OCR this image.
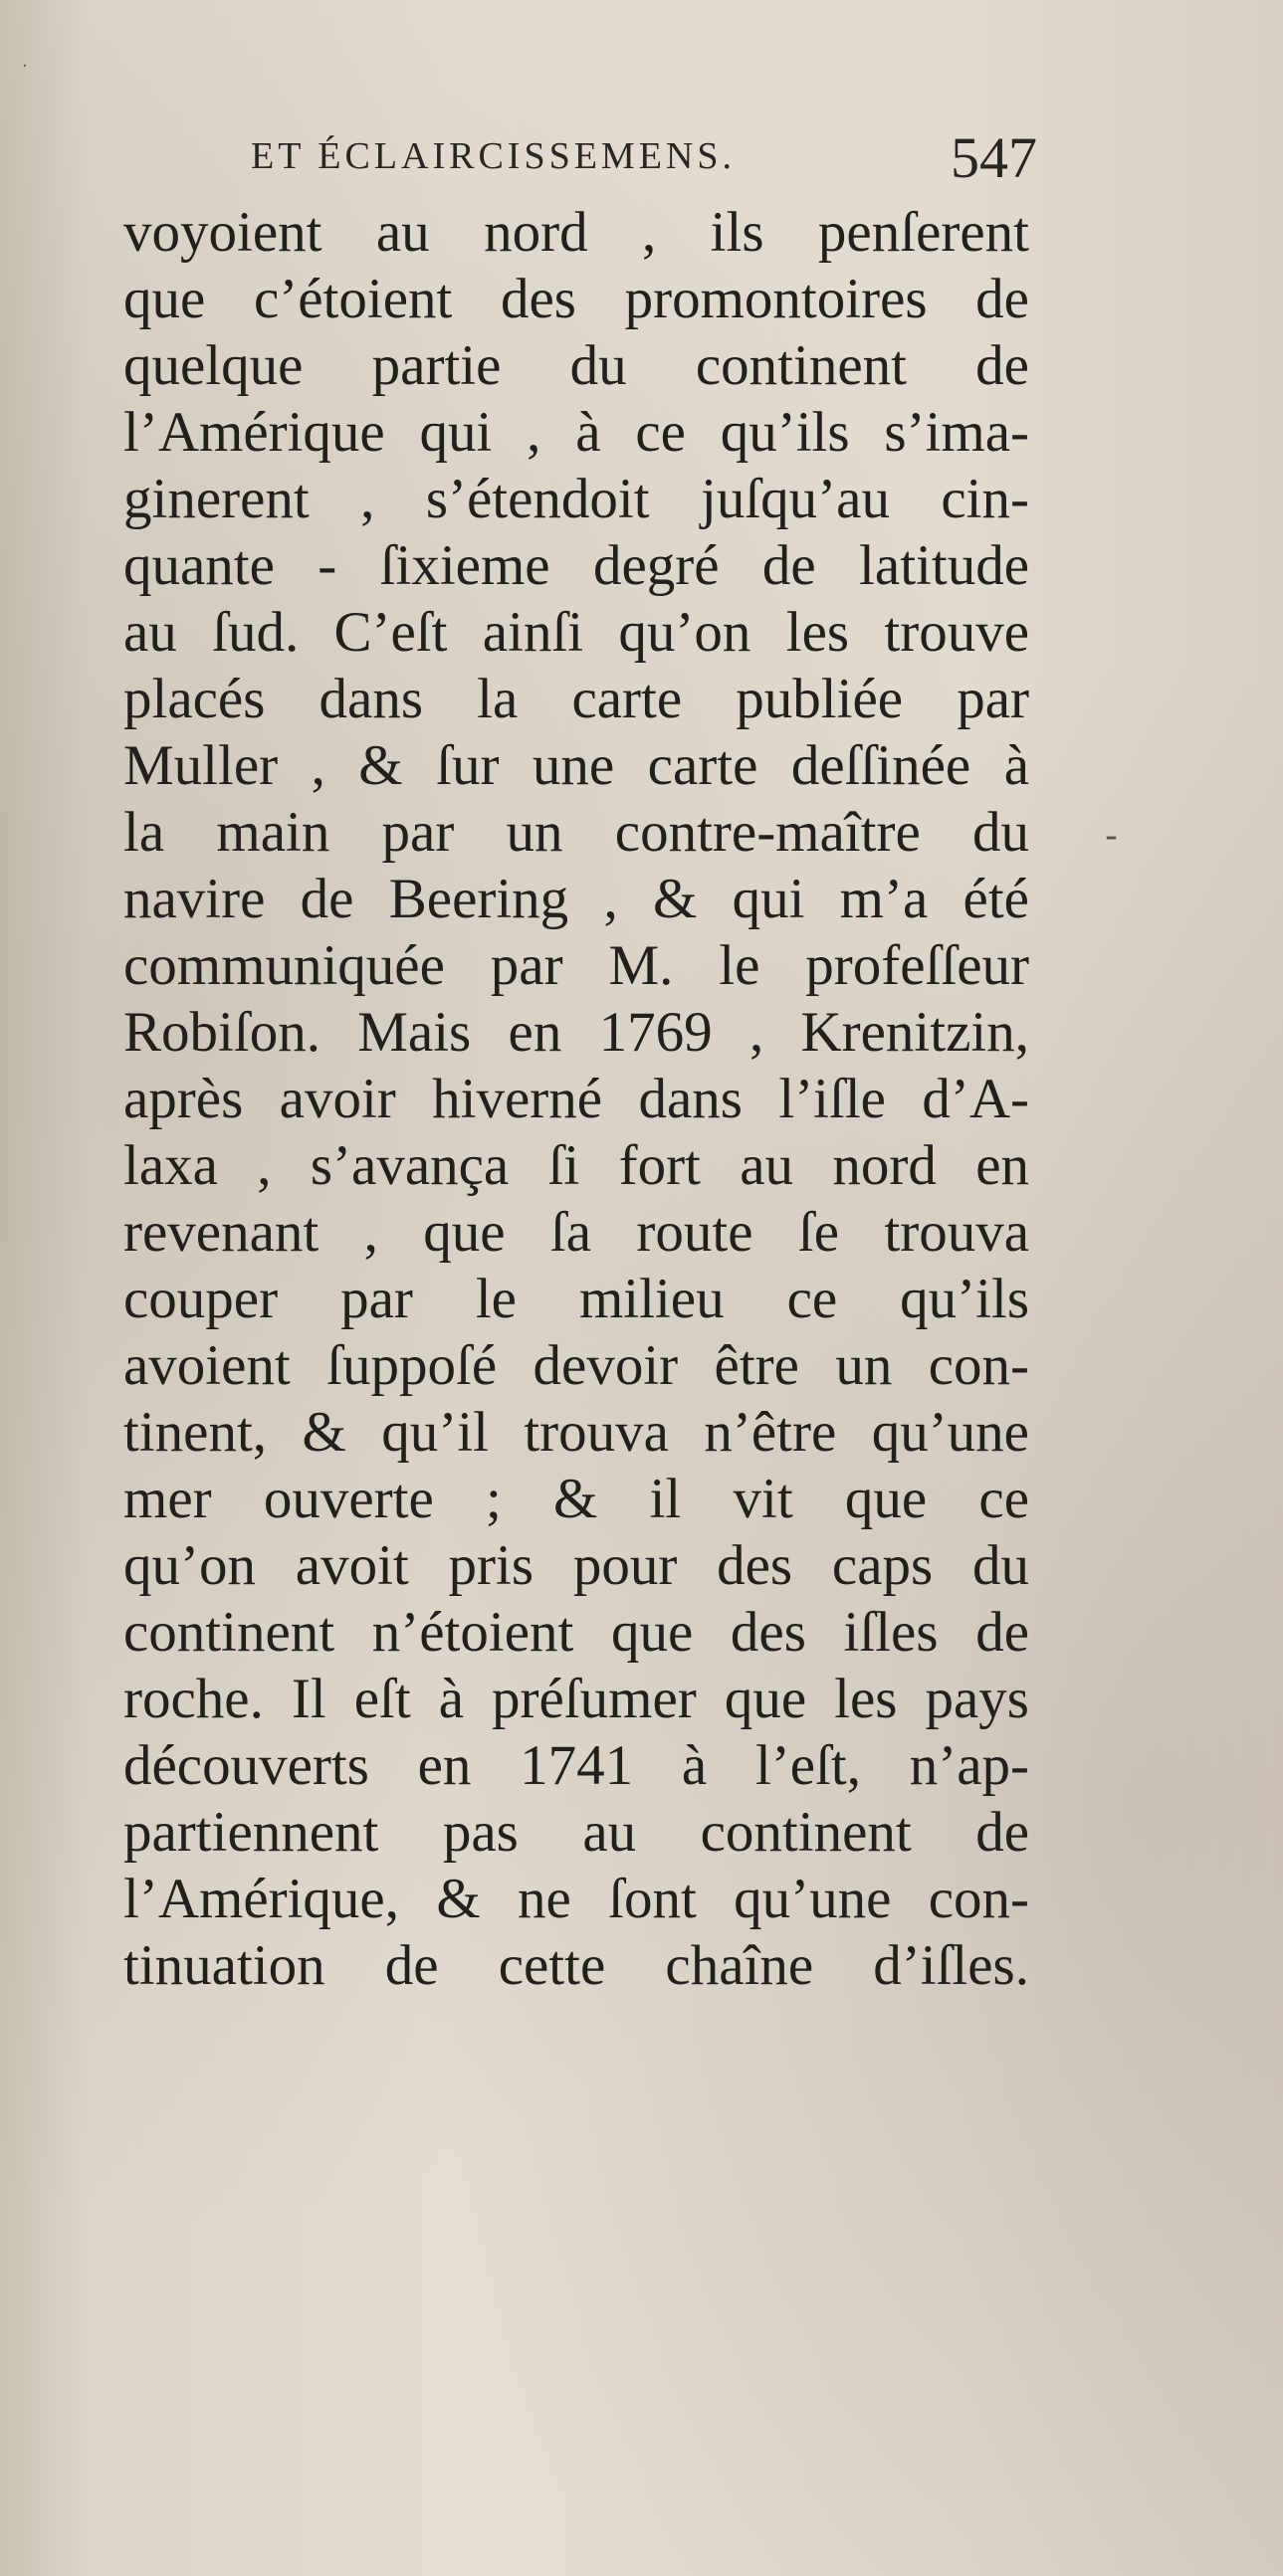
ET ÉCLAIRCISSEMENS.	547
voyoient au nord , ils penſerent
que c’étoient des promontoires de
quelque partie du continent de
l’Amérique qui , à ce qu’ils s’ima-
ginerent , s’étendoit juſqu’au cin-
quante - ſixieme degré de latitude
au ſud. C’eſt ainſi qu’on les trouve
placés dans la carte publiée par
Muller , & ſur une carte deſſinée à
la main par un contre-maître du
navire de Beering , & qui m’a été
communiquée par M. le profeſſeur
Robiſon. Mais en 1769 , Krenitzin,
après avoir hiverné dans l’iſle d’A-
laxa , s’avança ſi fort au nord en
revenant , que ſa route ſe trouva
couper par le milieu ce qu’ils
avoient ſuppoſé devoir être un con-
tinent, & qu’il trouva n’être qu’une
mer ouverte ; & il vit que ce
qu’on avoit pris pour des caps du
continent n’étoient que des iſles de
roche. Il eſt à préſumer que les pays
découverts en 1741 à l’eſt, n’ap-
partiennent pas au continent de
l’Amérique, & ne ſont qu’une con-
tinuation de cette chaîne d’iſles.
-
·
